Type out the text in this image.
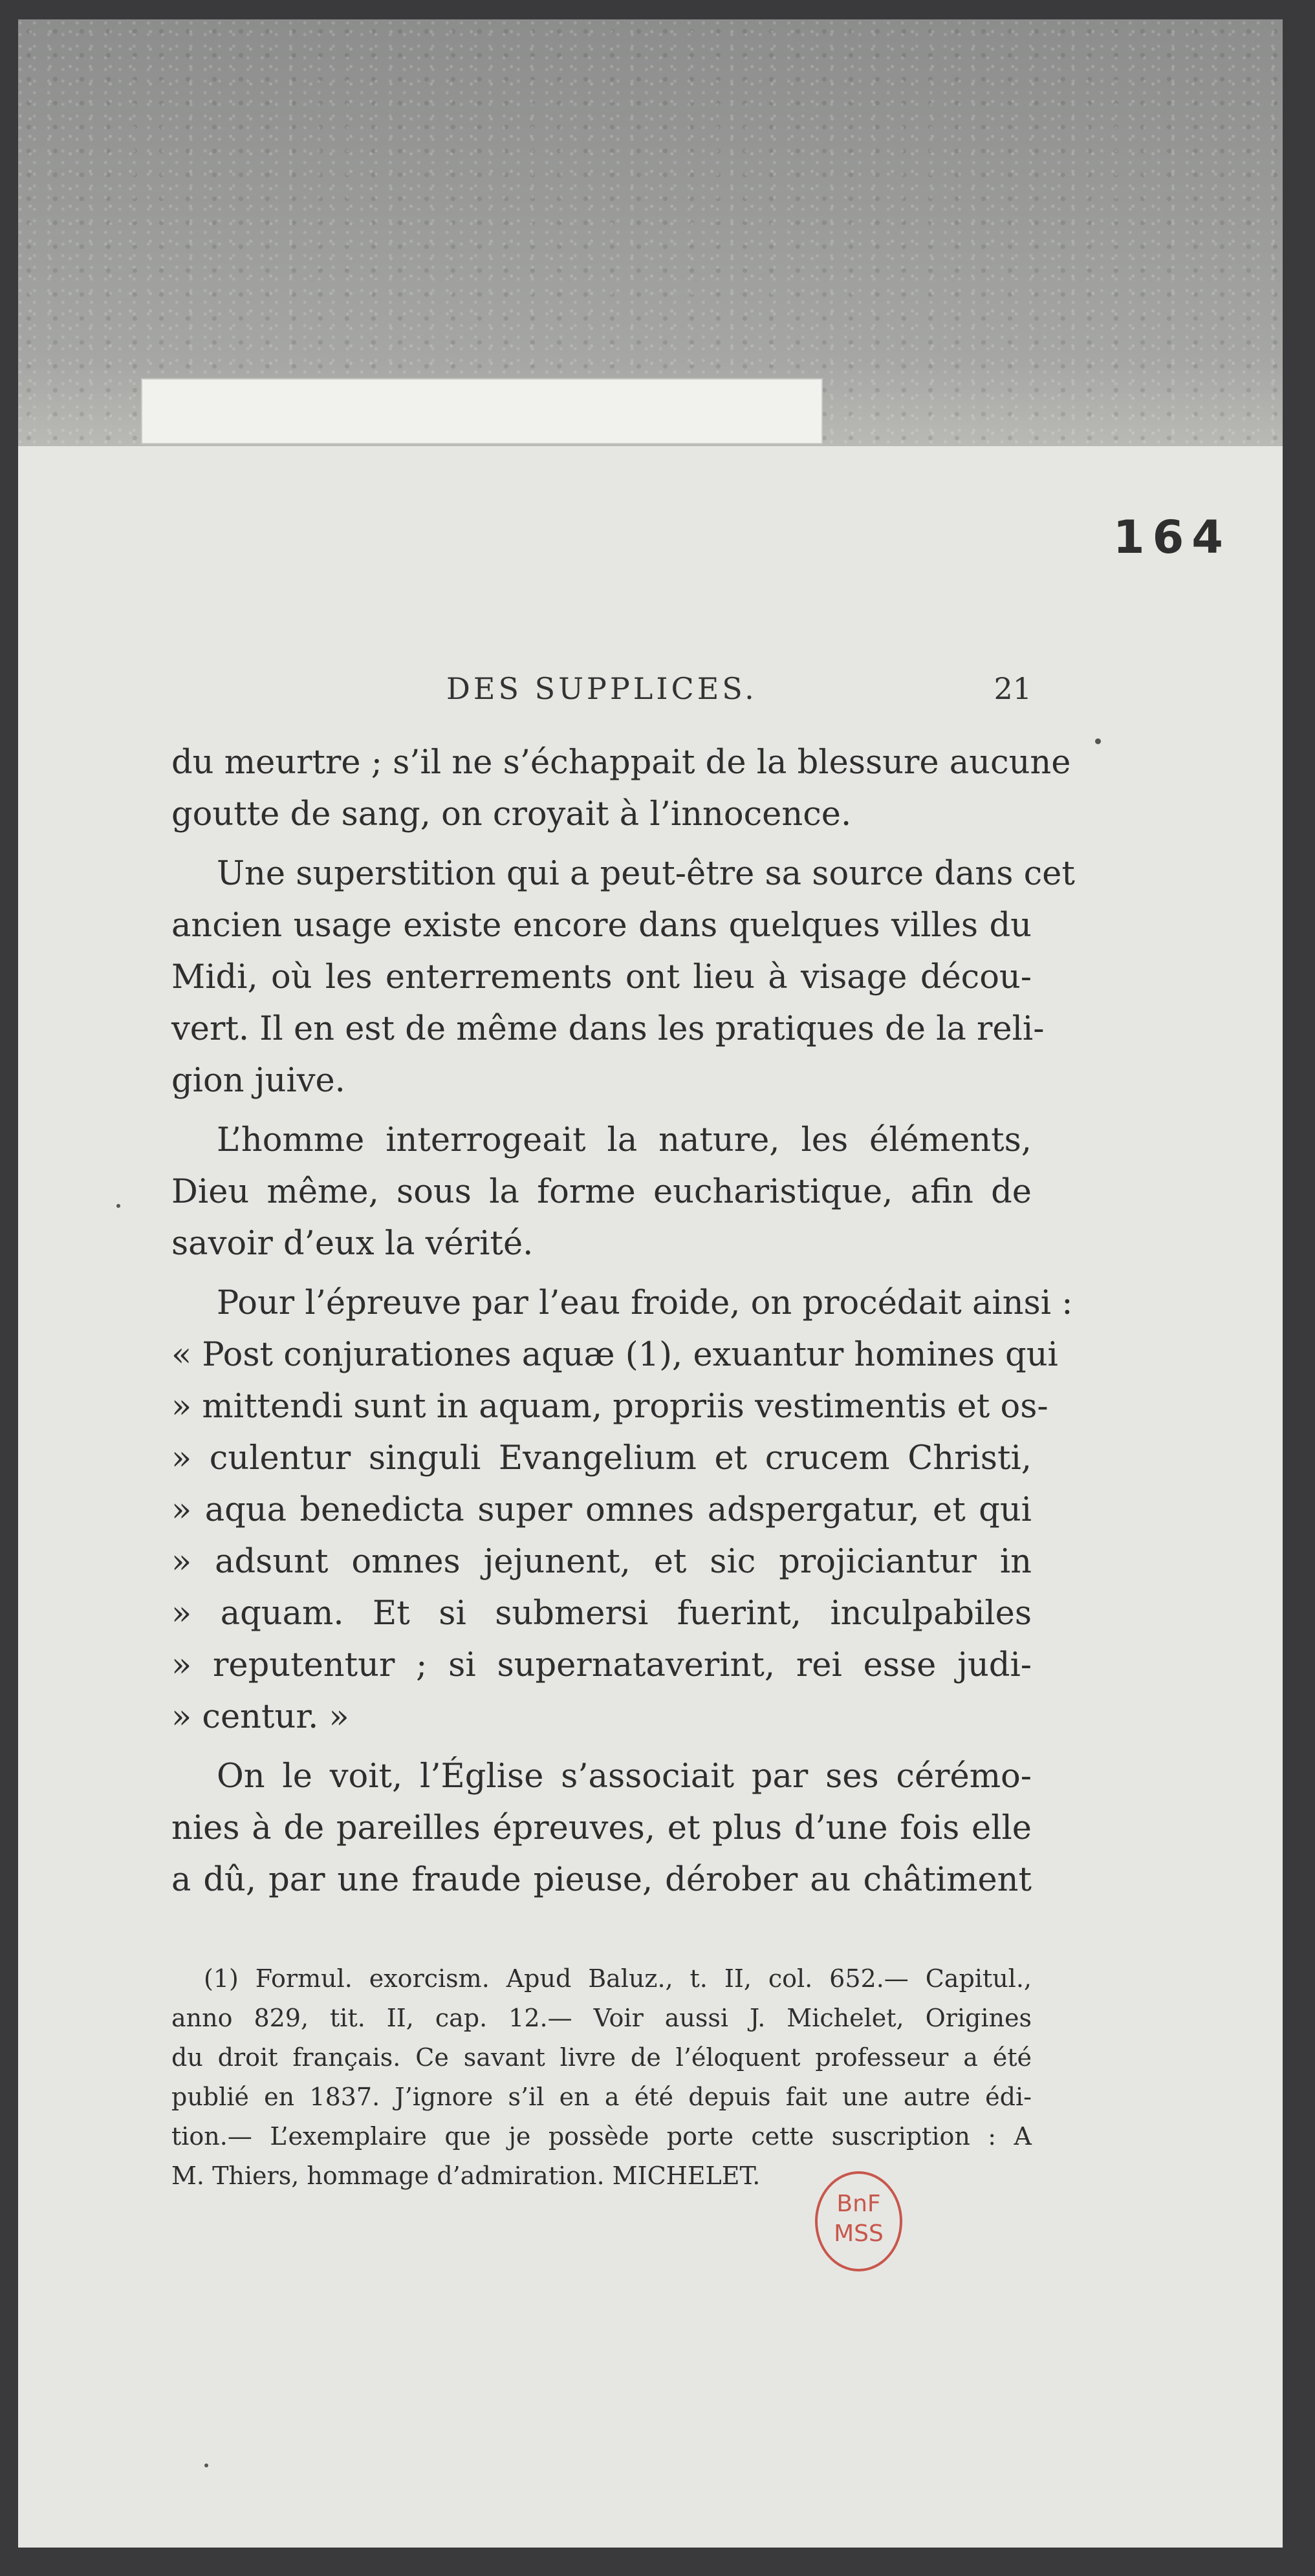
164
DES SUPPLICES.	21
du meurtre ; s’il ne s’échappait de la blessure aucune
goutte de sang, on croyait à l’innocence.
Une superstition qui a peut-être sa source dans cet
ancien usage existe encore dans quelques villes du
Midi, où les enterrements ont lieu à visage décou-
vert. Il en est de même dans les pratiques de la reli-
gion juive.
L’homme interrogeait la nature, les éléments,
Dieu même, sous la forme eucharistique, afin de
savoir d’eux la vérité.
Pour l’épreuve par l’eau froide, on procédait ainsi :
« Post conjurationes aquæ (1), exuantur homines qui
» mittendi sunt in aquam, propriis vestimentis et os-
» culentur singuli Evangelium et crucem Christi,
» aqua benedicta super omnes adspergatur, et qui
» adsunt omnes jejunent, et sic projiciantur in
» aquam. Et si submersi fuerint, inculpabiles
» reputentur ; si supernataverint, rei esse judi-
» centur. »
On le voit, l’Église s’associait par ses cérémo-
nies à de pareilles épreuves, et plus d’une fois elle
a dû, par une fraude pieuse, dérober au châtiment
(1) Formul. exorcism. Apud Baluz., t. II, col. 652.— Capitul.,
anno 829, tit. II, cap. 12.— Voir aussi J. Michelet, Origines
du droit français. Ce savant livre de l’éloquent professeur a été
publié en 1837. J’ignore s’il en a été depuis fait une autre édi-
tion.— L’exemplaire que je possède porte cette suscription : A
M. Thiers, hommage d’admiration. MICHELET.
BnF
MSS
